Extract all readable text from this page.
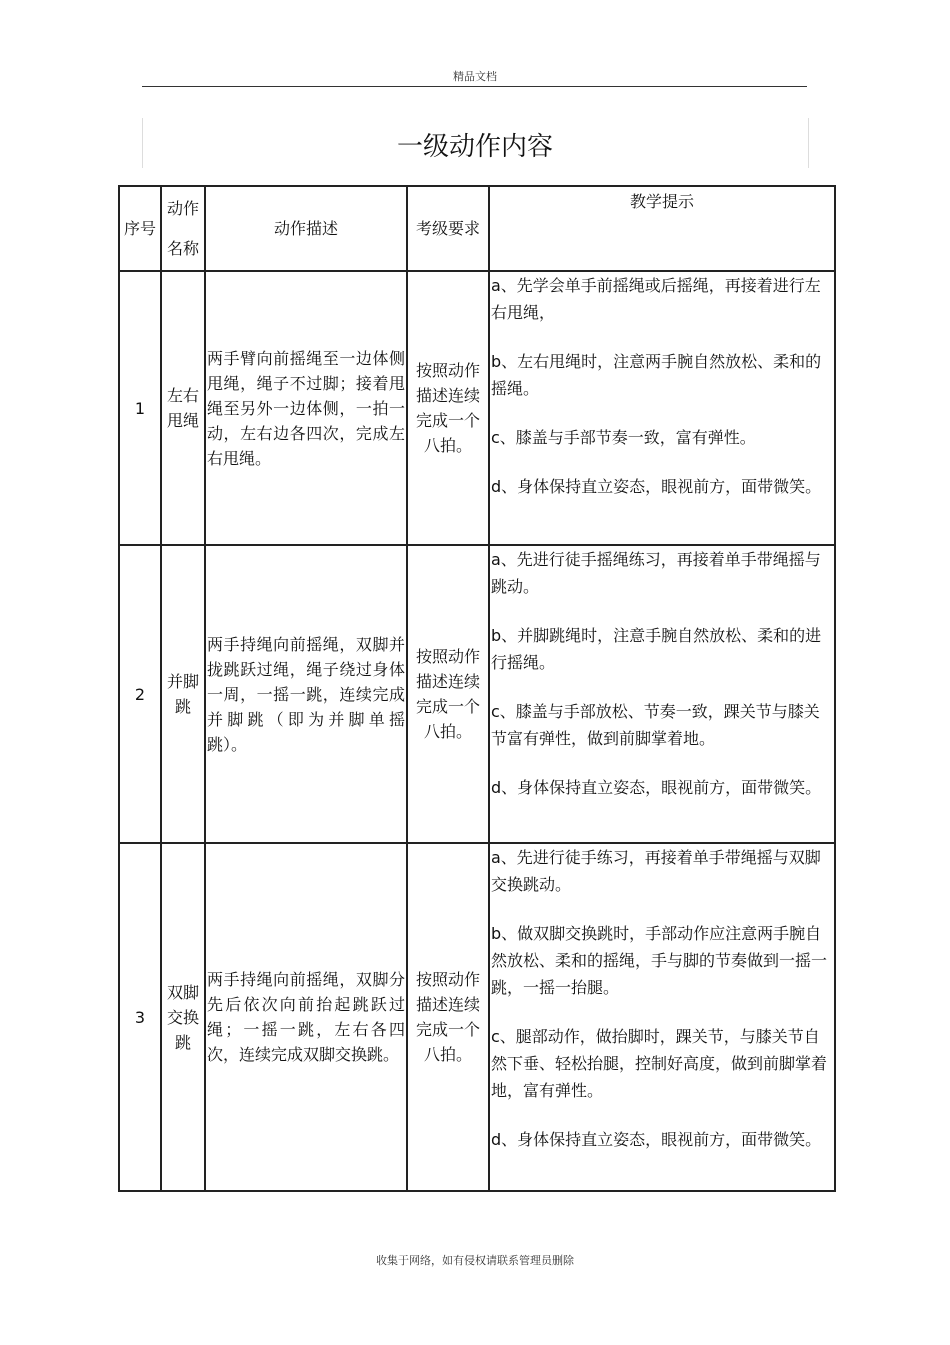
精品文档
一级动作内容
序号	动作名称	动作描述	考级要求	教学提示
1	左右甩绳	两手臂向前摇绳至一边体侧甩绳，绳子不过脚；接着甩绳至另外一边体侧，一拍一动，左右边各四次，完成左右甩绳。	按照动作描述连续完成一个八拍。	a、先学会单手前摇绳或后摇绳，再接着进行左右甩绳，

b、左右甩绳时，注意两手腕自然放松、柔和的摇绳。

c、膝盖与手部节奏一致，富有弹性。

d、身体保持直立姿态，眼视前方，面带微笑。

2	并脚跳	两手持绳向前摇绳，双脚并拢跳跃过绳，绳子绕过身体一周，一摇一跳，连续完成并脚跳（即为并脚单摇跳）。	按照动作描述连续完成一个八拍。	a、先进行徒手摇绳练习，再接着单手带绳摇与跳动。

b、并脚跳绳时，注意手腕自然放松、柔和的进行摇绳。

c、膝盖与手部放松、节奏一致，踝关节与膝关节富有弹性，做到前脚掌着地。

d、身体保持直立姿态，眼视前方，面带微笑。

3	双脚交换跳	两手持绳向前摇绳，双脚分先后依次向前抬起跳跃过绳；一摇一跳，左右各四次，连续完成双脚交换跳。	按照动作描述连续完成一个八拍。	a、先进行徒手练习，再接着单手带绳摇与双脚交换跳动。

b、做双脚交换跳时，手部动作应注意两手腕自然放松、柔和的摇绳，手与脚的节奏做到一摇一跳，一摇一抬腿。

c、腿部动作，做抬脚时，踝关节，与膝关节自然下垂、轻松抬腿，控制好高度，做到前脚掌着地，富有弹性。

d、身体保持直立姿态，眼视前方，面带微笑。

收集于网络，如有侵权请联系管理员删除
